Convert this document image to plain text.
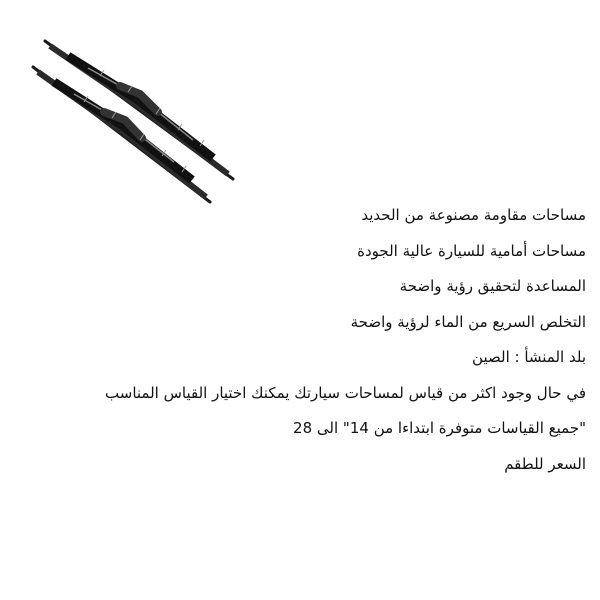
مساحات مقاومة مصنوعة من الحديد
مساحات أمامية للسيارة عالية الجودة
المساعدة لتحقيق رؤية واضحة
التخلص السريع من الماء لرؤية واضحة
بلد المنشأ : الصين
في حال وجود اكثر من قياس لمساحات سيارتك يمكنك اختيار القياس المناسب
"جميع القياسات متوفرة ابتداءا من 14" الى 28
السعر للطقم
